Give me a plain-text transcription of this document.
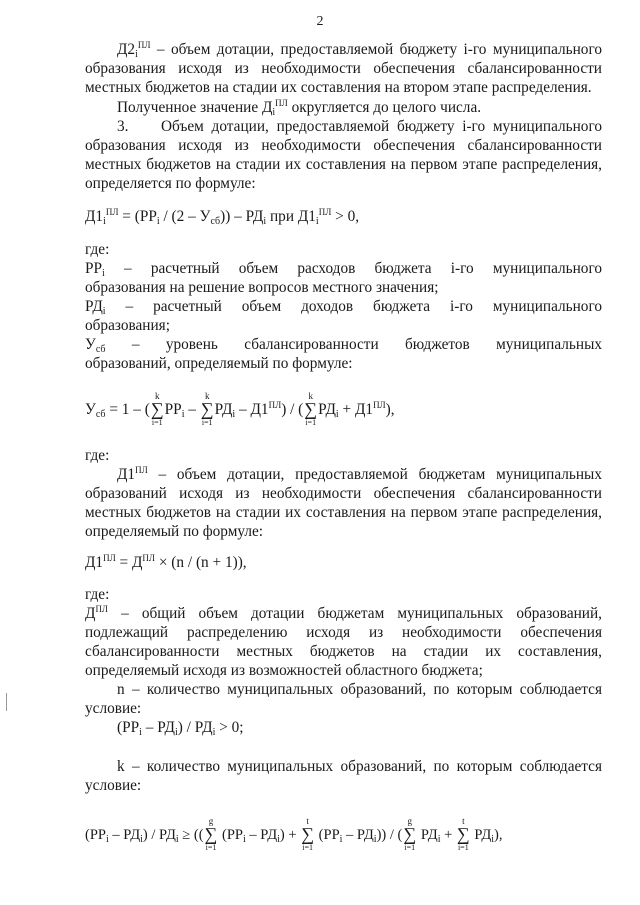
2
$Д2_i^{ПЛ}$ – объем дотации, предоставляемой бюджету i-го муниципального
образования исходя из необходимости обеспечения сбалансированности
местных бюджетов на стадии их составления на втором этапе распределения.
Полученное значение $Д_i^{ПЛ}$ округляется до целого числа.
3. Объем дотации, предоставляемой бюджету i-го муниципального
образования исходя из необходимости обеспечения сбалансированности
местных бюджетов на стадии их составления на первом этапе распределения,
определяется по формуле:
$Д1_i^{ПЛ} = (РР_i / (2 - У_{сб})) - РД_i$ при $Д1_i^{ПЛ} > 0$,
где:
$РР_i$ – расчетный объем расходов бюджета i-го муниципального
образования на решение вопросов местного значения;
$РД_i$ – расчетный объем доходов бюджета i-го муниципального
образования;
$У_{сб}$ – уровень сбалансированности бюджетов муниципальных
образований, определяемый по формуле:
$У_{сб} = 1$ – (
k
∑
i=1
$РР_i$ –
k
∑
i=1
$РД_i - Д1^{ПЛ}$) / (
k
∑
i=1
$РД_i + Д1^{ПЛ}$),
где:
$Д1^{ПЛ}$ – объем дотации, предоставляемой бюджетам муниципальных
образований исходя из необходимости обеспечения сбалансированности
местных бюджетов на стадии их составления на первом этапе распределения,
определяемый по формуле:
$Д1^{ПЛ} = Д^{ПЛ} \times (n / (n + 1))$,
где:
$Д^{ПЛ}$ – общий объем дотации бюджетам муниципальных образований,
подлежащий распределению исходя из необходимости обеспечения
сбалансированности местных бюджетов на стадии их составления,
определяемый исходя из возможностей областного бюджета;
n – количество муниципальных образований, по которым соблюдается
условие:
$(РР_i - РД_i) / РД_i > 0$;
k – количество муниципальных образований, по которым соблюдается
условие:
$(РР_i - РД_i) / РД_i$ ≥ ((
g
∑
i=1
$(РР_i - РД_i)$ +
t
∑
i=1
$(РР_i - РД_i)$) / (
g
∑
i=1
$РД_i$ +
t
∑
i=1
$РД_i$),
